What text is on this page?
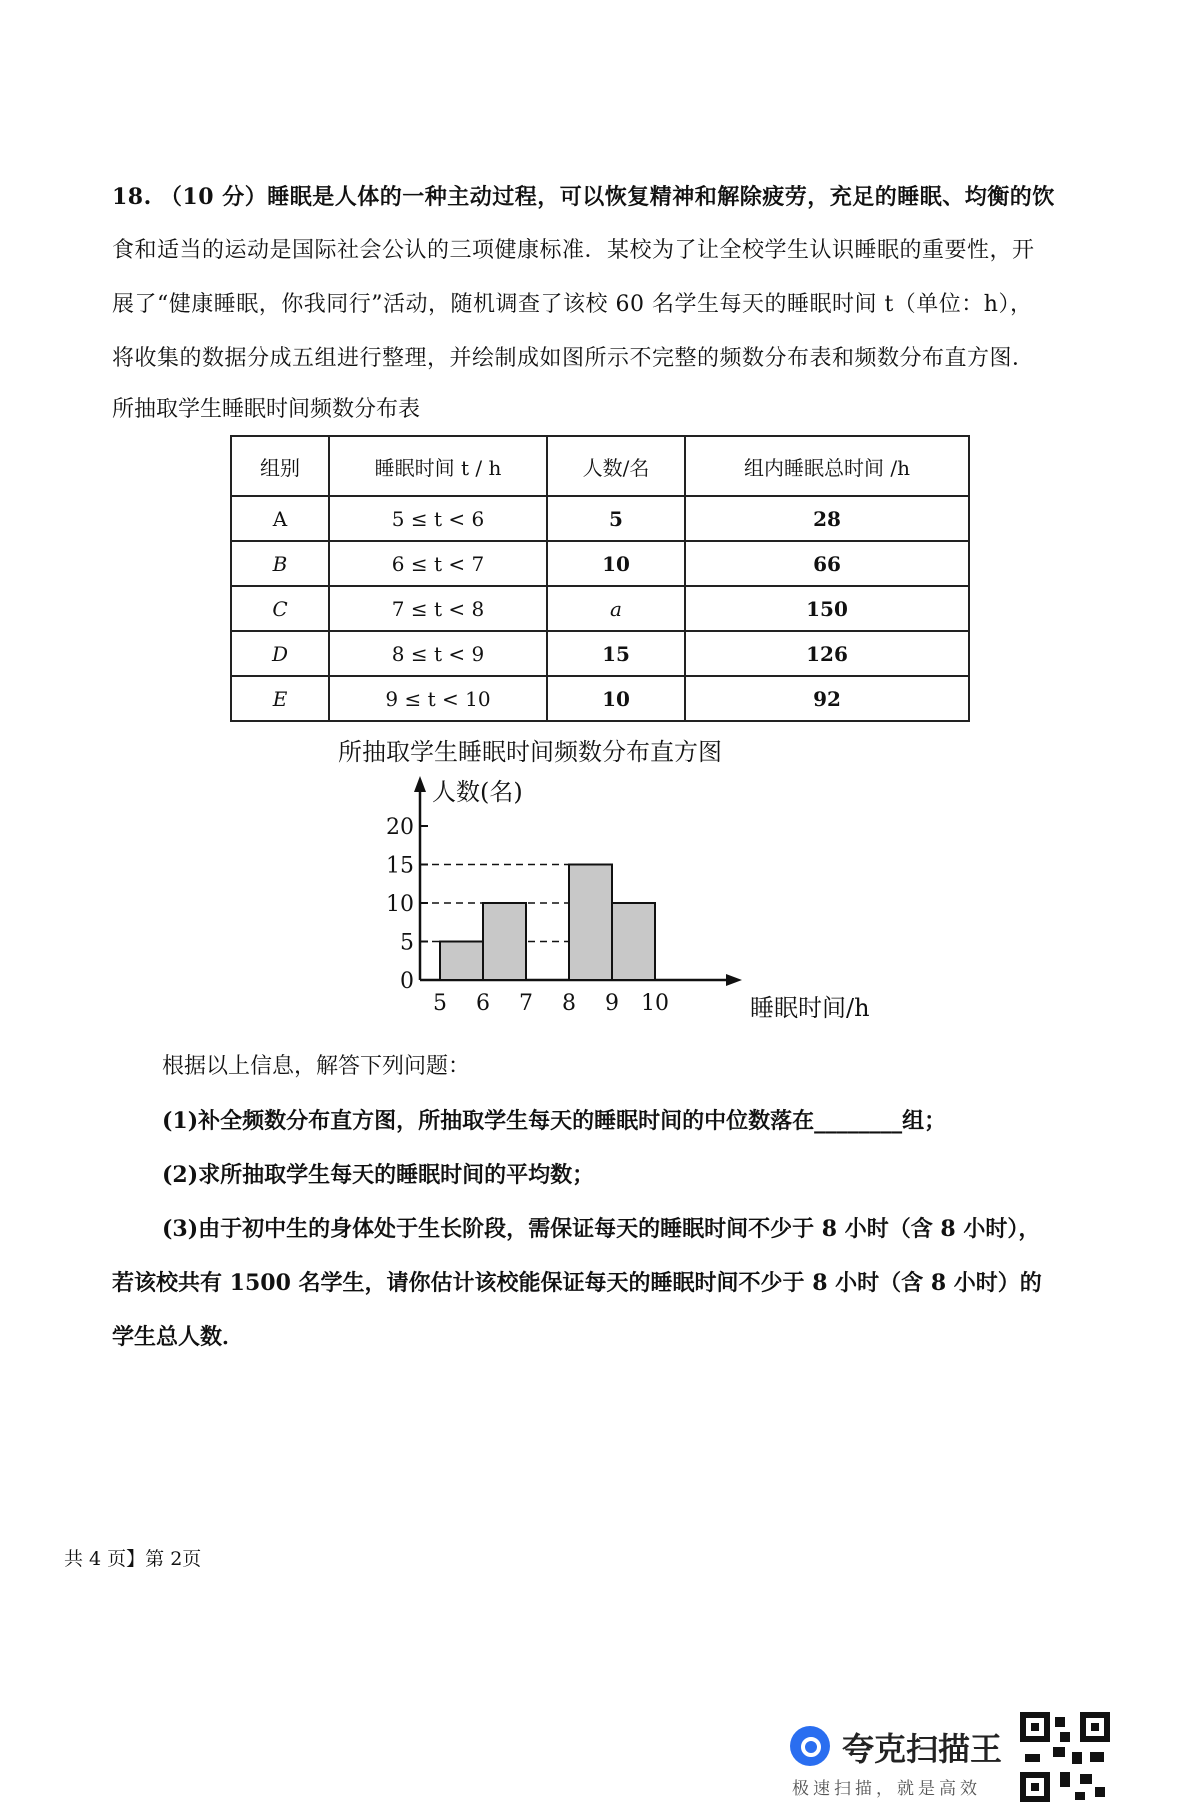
18. （10 分）睡眠是人体的一种主动过程，可以恢复精神和解除疲劳，充足的睡眠、均衡的饮
食和适当的运动是国际社会公认的三项健康标准．某校为了让全校学生认识睡眠的重要性，开
展了“健康睡眠，你我同行”活动，随机调查了该校 60 名学生每天的睡眠时间 t（单位：h），
将收集的数据分成五组进行整理，并绘制成如图所示不完整的频数分布表和频数分布直方图．
所抽取学生睡眠时间频数分布表
组别	睡眠时间 t / h	人数/名	组内睡眠总时间 /h
A	5 ≤ t < 6	5	28
B	6 ≤ t < 7	10	66
C	7 ≤ t < 8	a	150
D	8 ≤ t < 9	15	126
E	9 ≤ t < 10	10	92
所抽取学生睡眠时间频数分布直方图
0
5
10
15
20
5 6 7 8 9 10
人数(名)
睡眠时间/h
根据以上信息，解答下列问题：
(1)补全频数分布直方图，所抽取学生每天的睡眠时间的中位数落在________组；
(2)求所抽取学生每天的睡眠时间的平均数；
(3)由于初中生的身体处于生长阶段，需保证每天的睡眠时间不少于 8 小时（含 8 小时），
若该校共有 1500 名学生，请你估计该校能保证每天的睡眠时间不少于 8 小时（含 8 小时）的
学生总人数．
共 4 页】第 2页
夸克扫描王
极速扫描，就是高效
